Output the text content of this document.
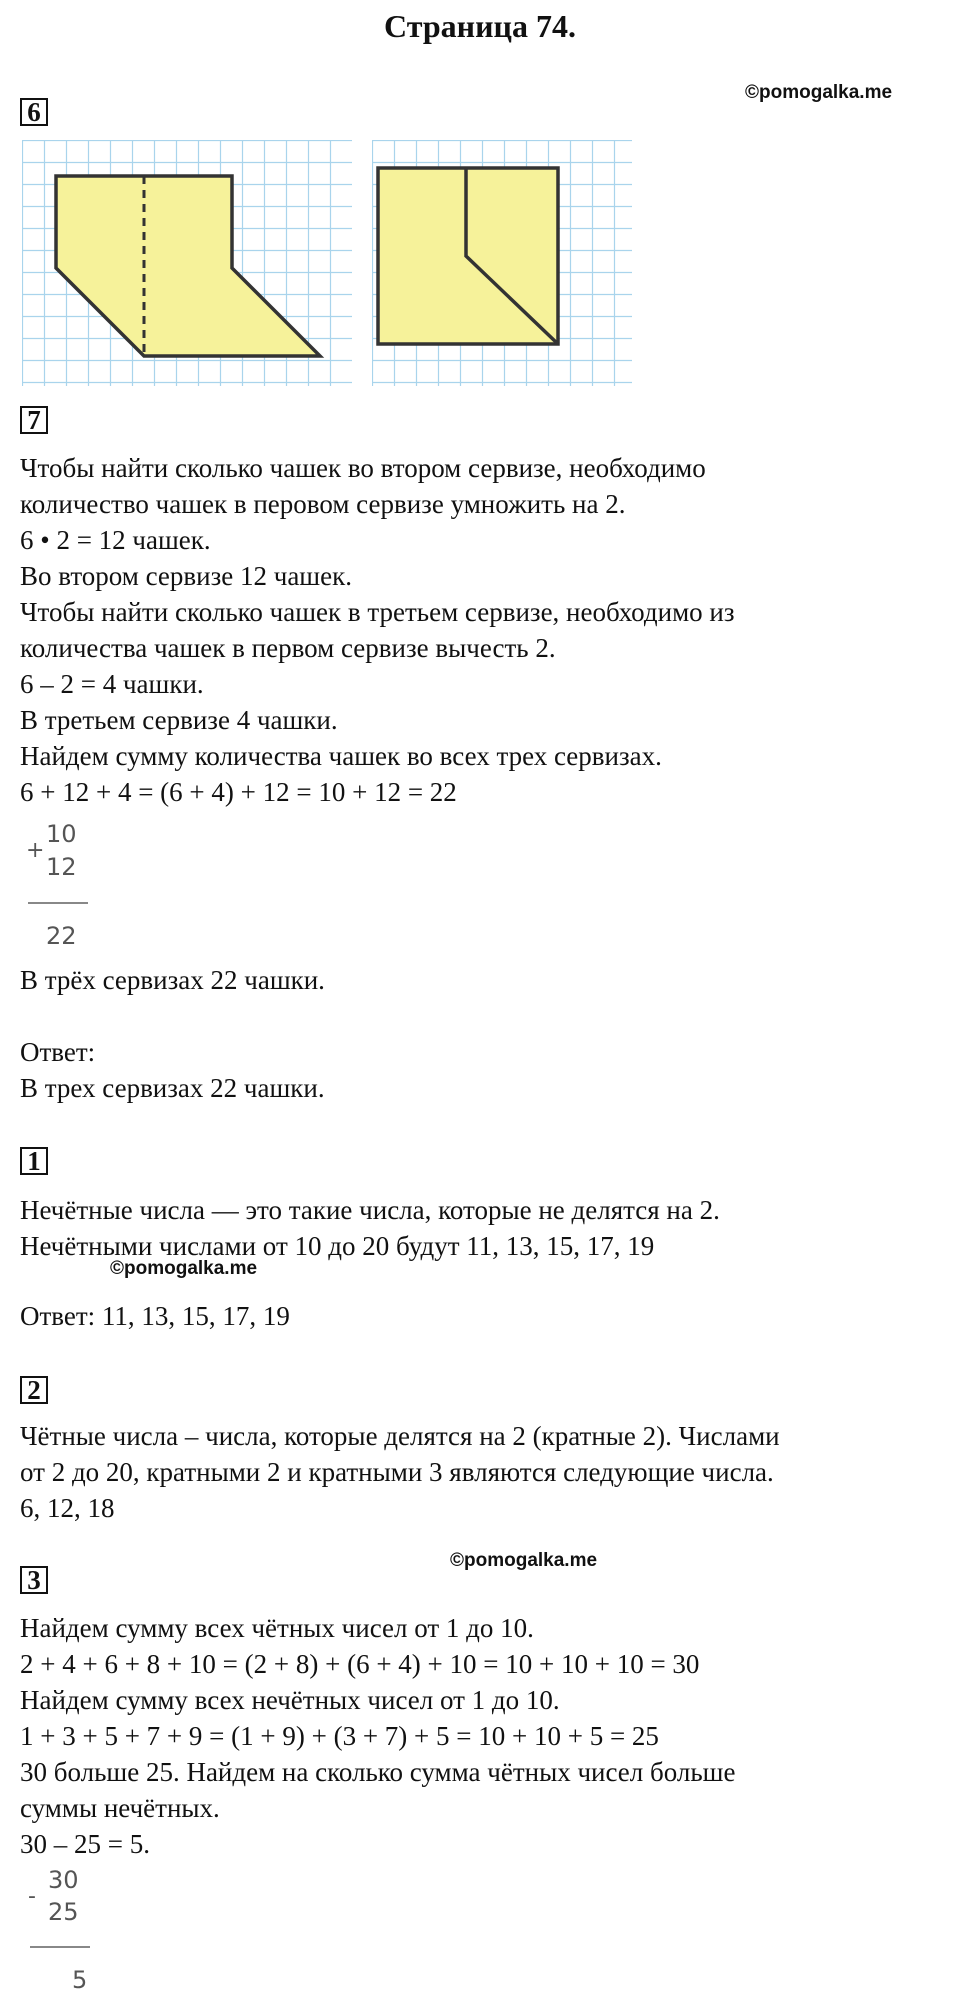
Страница 74.
©pomogalka.me
6
7
Чтобы найти сколько чашек во втором сервизе, необходимо
количество чашек в перовом сервизе умножить на 2.
6 • 2 = 12 чашек.
Во втором сервизе 12 чашек.
Чтобы найти сколько чашек в третьем сервизе, необходимо из
количества чашек в первом сервизе вычесть 2.
6 – 2 = 4 чашки.
В третьем сервизе 4 чашки.
Найдем сумму количества чашек во всех трех сервизах.
6 + 12 + 4 = (6 + 4) + 12 = 10 + 12 = 22
10
+
12
22
В трёх сервизах 22 чашки.
Ответ:
В трех сервизах 22 чашки.
1
Нечётные числа — это такие числа, которые не делятся на 2.
Нечётными числами от 10 до 20 будут 11, 13, 15, 17, 19
©pomogalka.me
Ответ: 11, 13, 15, 17, 19
2
Чётные числа – числа, которые делятся на 2 (кратные 2). Числами
от 2 до 20, кратными 2 и кратными 3 являются следующие числа.
6, 12, 18
©pomogalka.me
3
Найдем сумму всех чётных чисел от 1 до 10.
2 + 4 + 6 + 8 + 10 = (2 + 8) + (6 + 4) + 10 = 10 + 10 + 10 = 30
Найдем сумму всех нечётных чисел от 1 до 10.
1 + 3 + 5 + 7 + 9 = (1 + 9) + (3 + 7) + 5 = 10 + 10 + 5 = 25
30 больше 25. Найдем на сколько сумма чётных чисел больше
суммы нечётных.
30 – 25 = 5.
30
-
25
5
